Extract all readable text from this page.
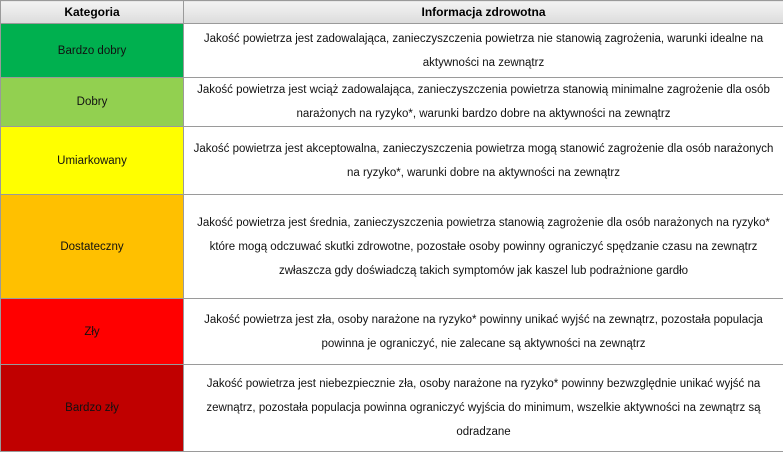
Kategoria	Informacja zdrowotna
Bardzo dobry	Jakość powietrza jest zadowalająca, zanieczyszczenia powietrza nie stanowią zagrożenia, warunki idealne na aktywności na zewnątrz
Dobry	Jakość powietrza jest wciąż zadowalająca, zanieczyszczenia powietrza stanowią minimalne zagrożenie dla osób narażonych na ryzyko*, warunki bardzo dobre na aktywności na zewnątrz
Umiarkowany	Jakość powietrza jest akceptowalna, zanieczyszczenia powietrza mogą stanowić zagrożenie dla osób narażonych na ryzyko*, warunki dobre na aktywności na zewnątrz
Dostateczny	Jakość powietrza jest średnia, zanieczyszczenia powietrza stanowią zagrożenie dla osób narażonych na ryzyko* które mogą odczuwać skutki zdrowotne, pozostałe osoby powinny ograniczyć spędzanie czasu na zewnątrz zwłaszcza gdy doświadczą takich symptomów jak kaszel lub podrażnione gardło
Zły	Jakość powietrza jest zła, osoby narażone na ryzyko* powinny unikać wyjść na zewnątrz, pozostała populacja powinna je ograniczyć, nie zalecane są aktywności na zewnątrz
Bardzo zły	Jakość powietrza jest niebezpiecznie zła, osoby narażone na ryzyko* powinny bezwzględnie unikać wyjść na zewnątrz, pozostała populacja powinna ograniczyć wyjścia do minimum, wszelkie aktywności na zewnątrz są odradzane
